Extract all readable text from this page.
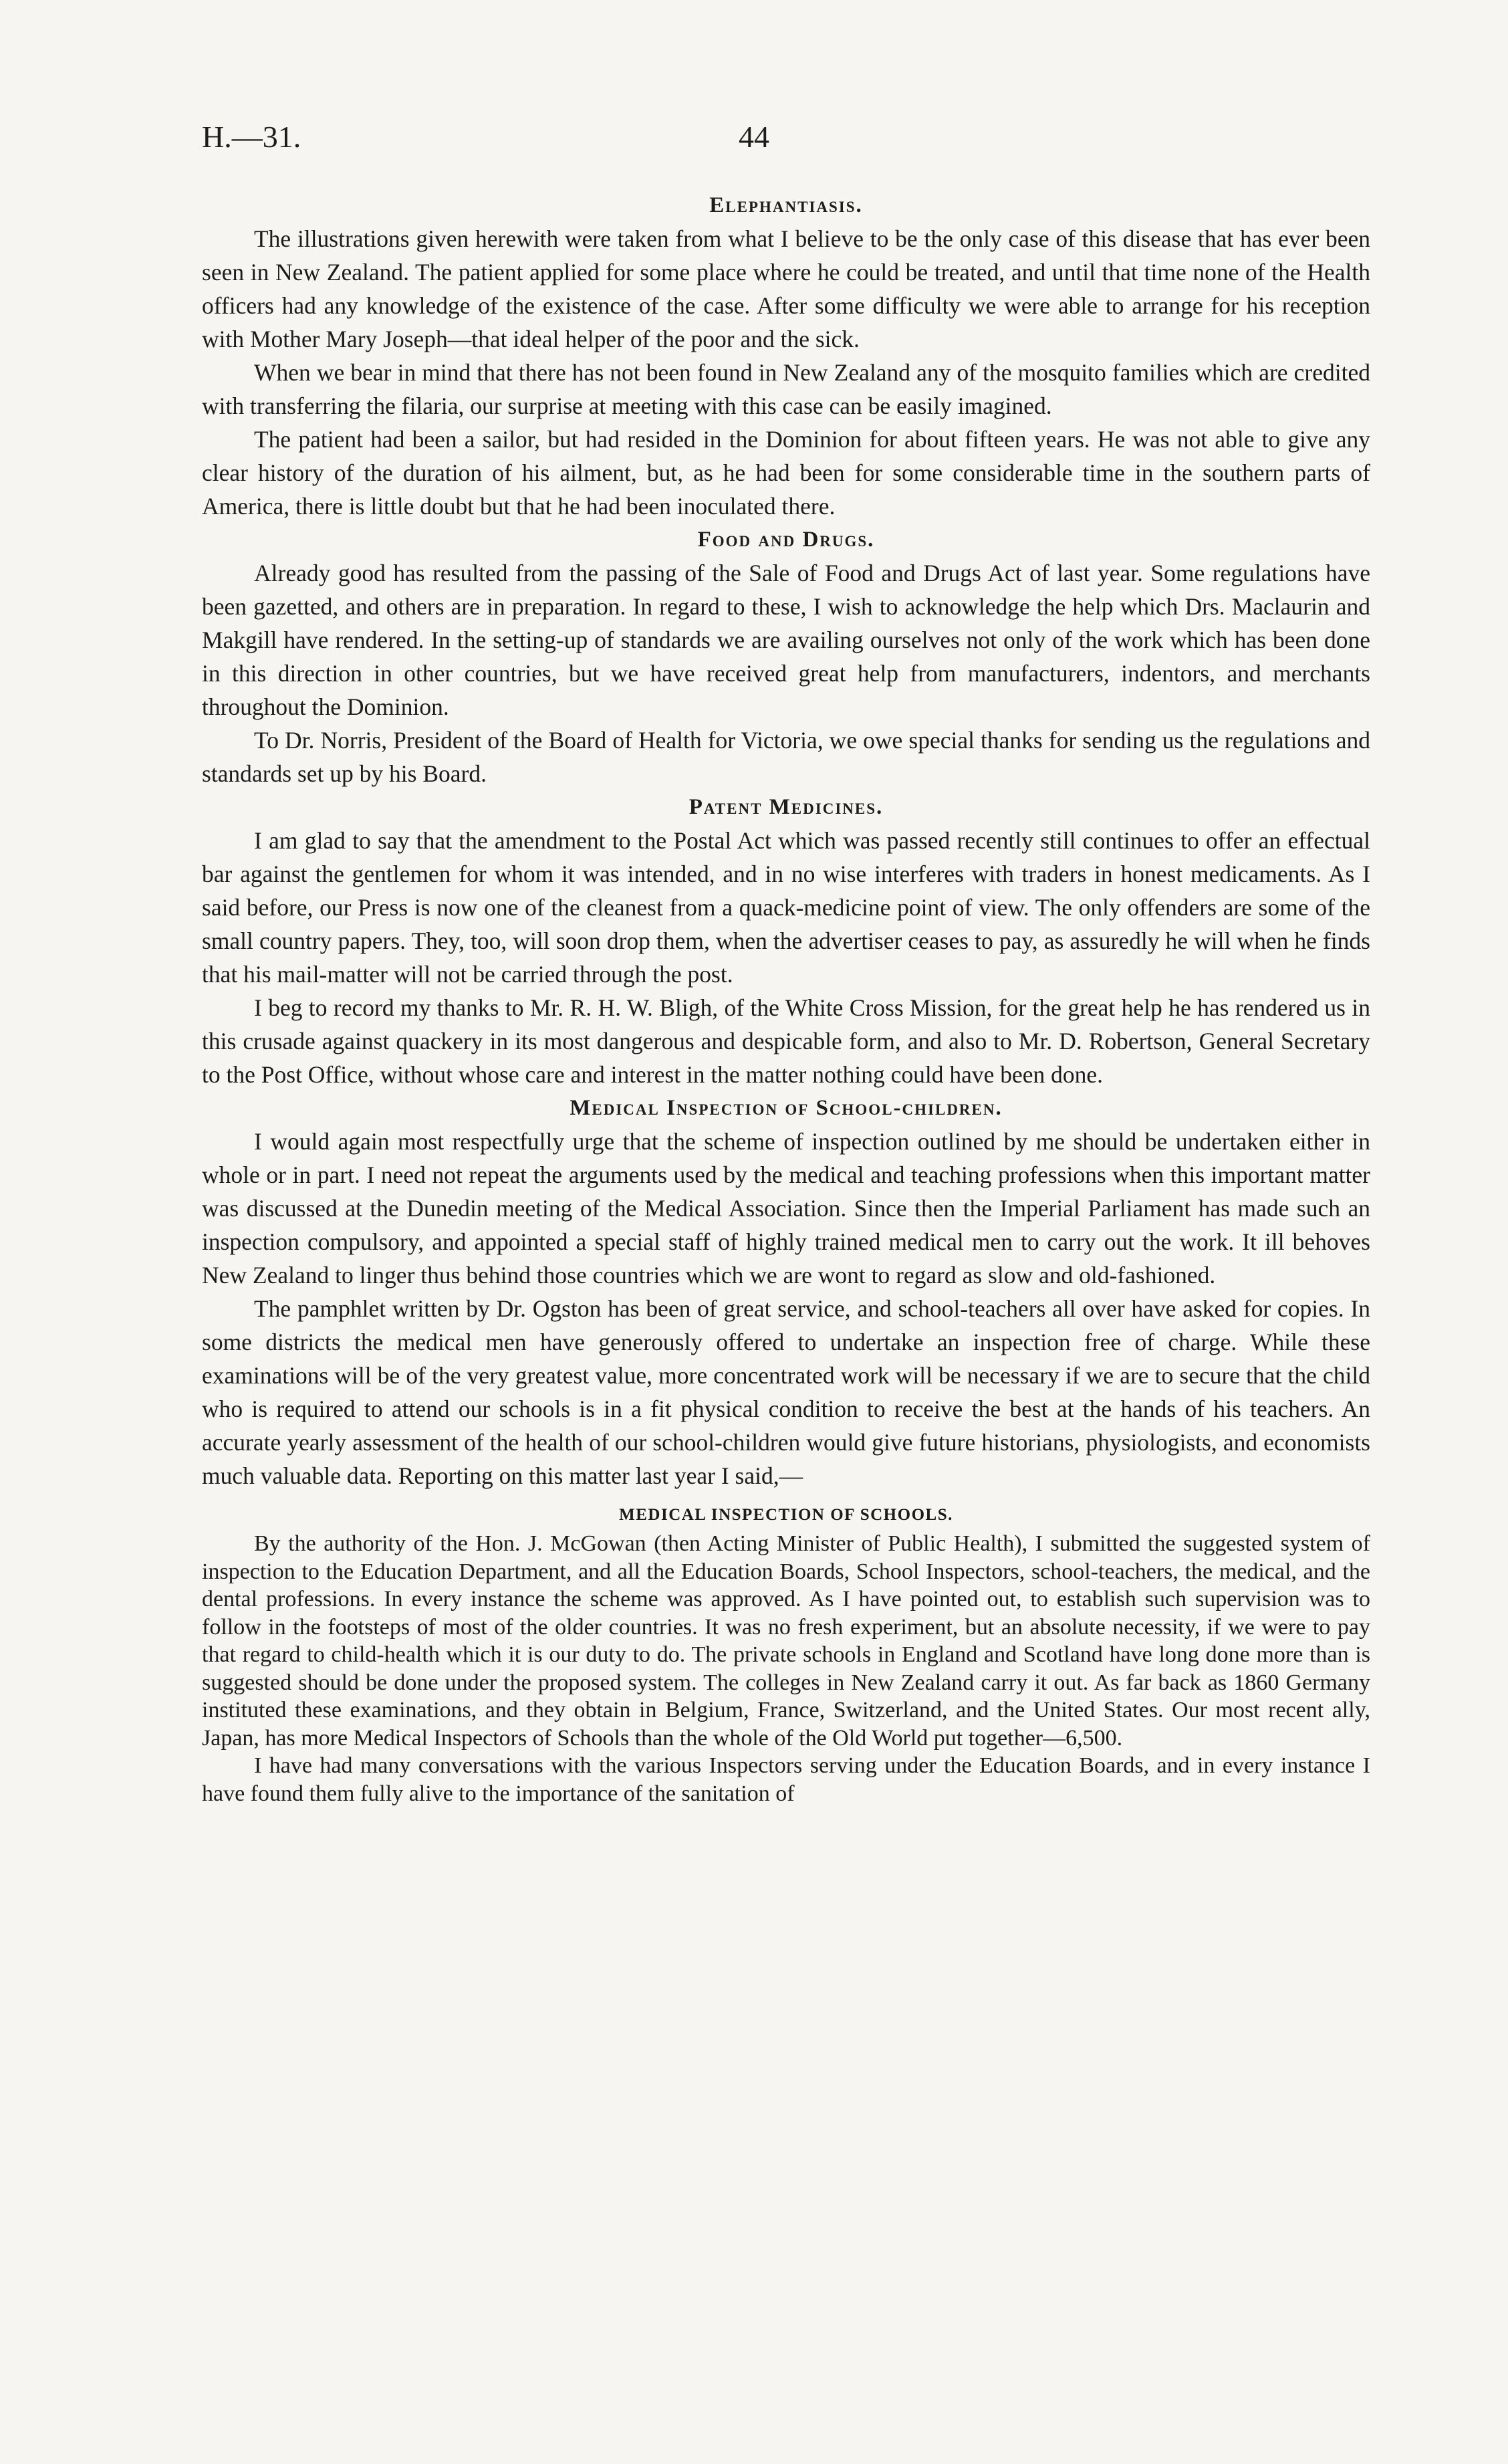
H.—31.	44
Elephantiasis.

The illustrations given herewith were taken from what I believe to be the only case of this disease that has ever been seen in New Zealand. The patient applied for some place where he could be treated, and until that time none of the Health officers had any knowledge of the existence of the case. After some difficulty we were able to arrange for his reception with Mother Mary Joseph—that ideal helper of the poor and the sick.

When we bear in mind that there has not been found in New Zealand any of the mosquito families which are credited with transferring the filaria, our surprise at meeting with this case can be easily imagined.

The patient had been a sailor, but had resided in the Dominion for about fifteen years. He was not able to give any clear history of the duration of his ailment, but, as he had been for some considerable time in the southern parts of America, there is little doubt but that he had been inoculated there.

Food and Drugs.

Already good has resulted from the passing of the Sale of Food and Drugs Act of last year. Some regulations have been gazetted, and others are in preparation. In regard to these, I wish to acknowledge the help which Drs. Maclaurin and Makgill have rendered. In the setting-up of standards we are availing ourselves not only of the work which has been done in this direction in other countries, but we have received great help from manufacturers, indentors, and merchants throughout the Dominion.

To Dr. Norris, President of the Board of Health for Victoria, we owe special thanks for sending us the regulations and standards set up by his Board.

Patent Medicines.

I am glad to say that the amendment to the Postal Act which was passed recently still continues to offer an effectual bar against the gentlemen for whom it was intended, and in no wise interferes with traders in honest medicaments. As I said before, our Press is now one of the cleanest from a quack-medicine point of view. The only offenders are some of the small country papers. They, too, will soon drop them, when the advertiser ceases to pay, as assuredly he will when he finds that his mail-matter will not be carried through the post.

I beg to record my thanks to Mr. R. H. W. Bligh, of the White Cross Mission, for the great help he has rendered us in this crusade against quackery in its most dangerous and despicable form, and also to Mr. D. Robertson, General Secretary to the Post Office, without whose care and interest in the matter nothing could have been done.

Medical Inspection of School-children.

I would again most respectfully urge that the scheme of inspection outlined by me should be undertaken either in whole or in part. I need not repeat the arguments used by the medical and teaching professions when this important matter was discussed at the Dunedin meeting of the Medical Association. Since then the Imperial Parliament has made such an inspection compulsory, and appointed a special staff of highly trained medical men to carry out the work. It ill behoves New Zealand to linger thus behind those countries which we are wont to regard as slow and old-fashioned.

The pamphlet written by Dr. Ogston has been of great service, and school-teachers all over have asked for copies. In some districts the medical men have generously offered to undertake an inspection free of charge. While these examinations will be of the very greatest value, more concentrated work will be necessary if we are to secure that the child who is required to attend our schools is in a fit physical condition to receive the best at the hands of his teachers. An accurate yearly assessment of the health of our school-children would give future historians, physiologists, and economists much valuable data. Reporting on this matter last year I said,—

MEDICAL INSPECTION OF SCHOOLS.

By the authority of the Hon. J. McGowan (then Acting Minister of Public Health), I submitted the suggested system of inspection to the Education Department, and all the Education Boards, School Inspectors, school-teachers, the medical, and the dental professions. In every instance the scheme was approved. As I have pointed out, to establish such supervision was to follow in the footsteps of most of the older countries. It was no fresh experiment, but an absolute necessity, if we were to pay that regard to child-health which it is our duty to do. The private schools in England and Scotland have long done more than is suggested should be done under the proposed system. The colleges in New Zealand carry it out. As far back as 1860 Germany instituted these examinations, and they obtain in Belgium, France, Switzerland, and the United States. Our most recent ally, Japan, has more Medical Inspectors of Schools than the whole of the Old World put together—6,500.

I have had many conversations with the various Inspectors serving under the Education Boards, and in every instance I have found them fully alive to the importance of the sanitation of
